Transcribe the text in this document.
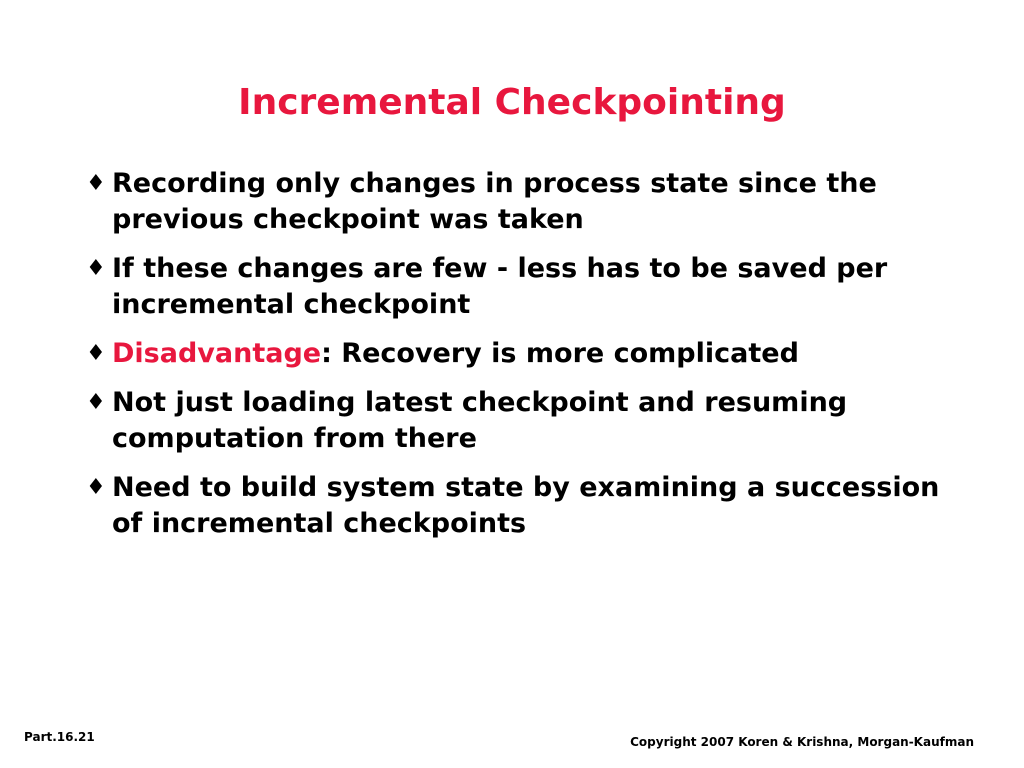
Incremental Checkpointing
♦ Recording only changes in process state since the previous checkpoint was taken
♦ If these changes are few - less has to be saved per incremental checkpoint
♦ Disadvantage: Recovery is more complicated
♦ Not just loading latest checkpoint and resuming computation from there
♦ Need to build system state by examining a succession of incremental checkpoints
Part.16.21	Copyright 2007 Koren & Krishna, Morgan-Kaufman
